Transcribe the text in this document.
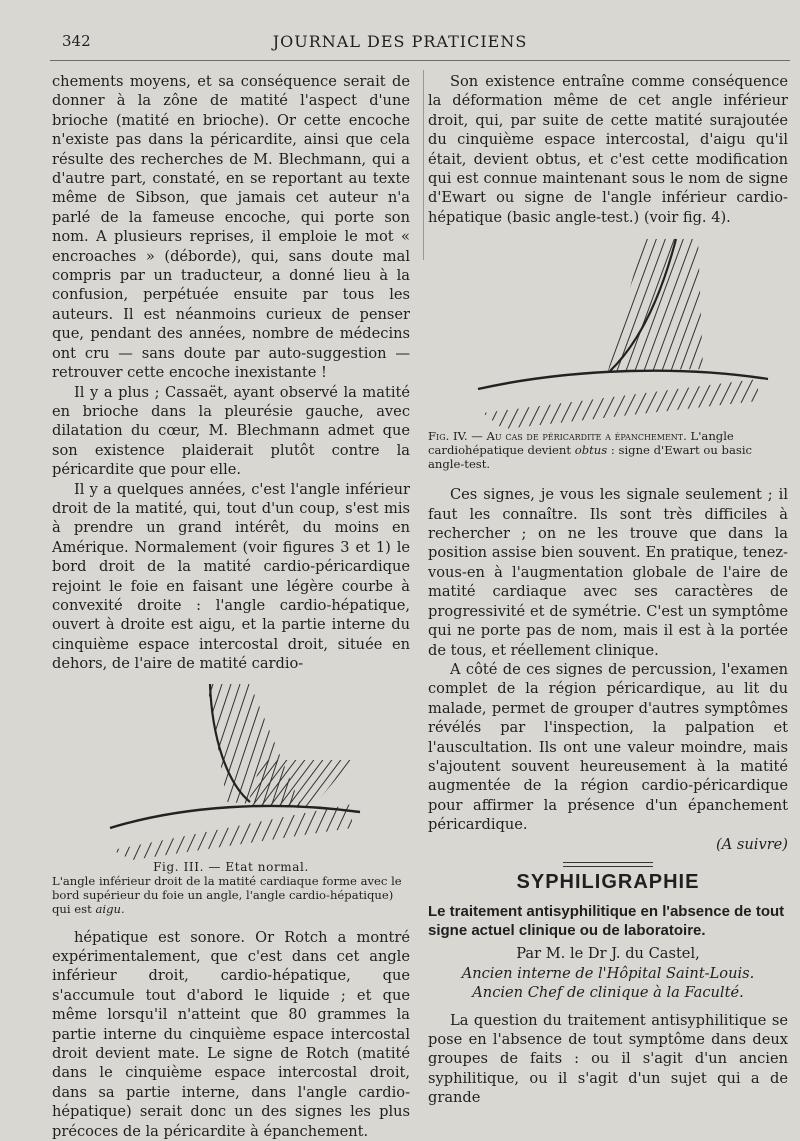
342	JOURNAL DES PRATICIENS

chements moyens, et sa conséquence serait de donner à la zône de matité l'aspect d'une brioche (matité en brioche). Or cette encoche n'existe pas dans la péricardite, ainsi que cela résulte des recherches de M. Blechmann, qui a d'autre part, constaté, en se reportant au texte même de Sibson, que jamais cet auteur n'a parlé de la fameuse encoche, qui porte son nom. A plusieurs reprises, il emploie le mot « encroaches » (déborde), qui, sans doute mal compris par un traducteur, a donné lieu à la confusion, perpétuée ensuite par tous les auteurs. Il est néanmoins curieux de penser que, pendant des années, nombre de médecins ont cru — sans doute par auto-suggestion — retrouver cette encoche inexistante !

Il y a plus ; Cassaët, ayant observé la matité en brioche dans la pleurésie gauche, avec dilatation du cœur, M. Blechmann admet que son existence plaiderait plutôt contre la péricardite que pour elle.

Il y a quelques années, c'est l'angle inférieur droit de la matité, qui, tout d'un coup, s'est mis à prendre un grand intérêt, du moins en Amérique. Normalement (voir figures 3 et 1) le bord droit de la matité cardio-péricardique rejoint le foie en faisant une légère courbe à convexité droite : l'angle cardio-hépatique, ouvert à droite est aigu, et la partie interne du cinquième espace intercostal droit, située en dehors, de l'aire de matité cardio-

Fig. III. — Etat normal.
L'angle inférieur droit de la matité cardiaque forme avec le bord supérieur du foie un angle, l'angle cardio-hépatique) qui est aigu.

hépatique est sonore. Or Rotch a montré expérimentalement, que c'est dans cet angle inférieur droit, cardio-hépatique, que s'accumule tout d'abord le liquide ; et que même lorsqu'il n'atteint que 80 grammes la partie interne du cinquième espace intercostal droit devient mate. Le signe de Rotch (matité dans le cinquième espace intercostal droit, dans sa partie interne, dans l'angle cardio-hépatique) serait donc un des signes les plus précoces de la péricardite à épanchement.

Son existence entraîne comme conséquence la déformation même de cet angle inférieur droit, qui, par suite de cette matité surajoutée du cinquième espace intercostal, d'aigu qu'il était, devient obtus, et c'est cette modification qui est connue maintenant sous le nom de signe d'Ewart ou signe de l'angle inférieur cardio-hépatique (basic angle-test.) (voir fig. 4).

Fig. IV. — Au cas de péricardite a épanchement. L'angle cardiohépatique devient obtus : signe d'Ewart ou basic angle-test.

Ces signes, je vous les signale seulement ; il faut les connaître. Ils sont très difficiles à rechercher ; on ne les trouve que dans la position assise bien souvent. En pratique, tenez-vous-en à l'augmentation globale de l'aire de matité cardiaque avec ses caractères de progressivité et de symétrie. C'est un symptôme qui ne porte pas de nom, mais il est à la portée de tous, et réellement clinique.

A côté de ces signes de percussion, l'examen complet de la région péricardique, au lit du malade, permet de grouper d'autres symptômes révélés par l'inspection, la palpation et l'auscultation. Ils ont une valeur moindre, mais s'ajoutent souvent heureusement à la matité augmentée de la région cardio-péricardique pour affirmer la présence d'un épanchement péricardique.

(A suivre)

SYPHILIGRAPHIE
Le traitement antisyphilitique en l'absence de tout signe actuel clinique ou de laboratoire.
Par M. le Dr J. du Castel,
Ancien interne de l'Hôpital Saint-Louis.
Ancien Chef de clinique à la Faculté.

La question du traitement antisyphilitique se pose en l'absence de tout symptôme dans deux groupes de faits : ou il s'agit d'un ancien syphilitique, ou il s'agit d'un sujet qui a de grande
